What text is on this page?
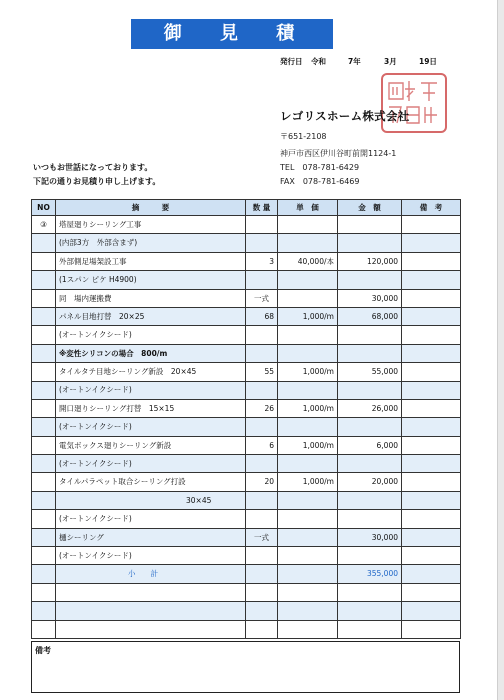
御 見 積 書	発行日 令和	7年	3月	19日
レゴリスホーム株式会社
〒651-2108
神戸市西区伊川谷町前開1124-1
TEL　078-781-6429
FAX　078-781-6469
いつもお世話になっております。
下記の通りお見積り申し上げます。
NO	摘　　　要	数 量	単　価	金　額	備　考
③	塔屋廻りシーリング工事				
	(内部3方　外部含まず)				
	外部側足場架設工事	3	40,000/本	120,000	
	(1スパン ピケ H4900)				
	同　場内運搬費	一式		30,000	
	パネル目地打替　20×25	68	1,000/m	68,000	
	(オートンイクシード)				
	※変性シリコンの場合　800/m				
	タイルタテ目地シーリング新設　20×45	55	1,000/m	55,000	
	(オートンイクシード)				
	開口廻りシーリング打替　15×15	26	1,000/m	26,000	
	(オートンイクシード)				
	電気ボックス廻りシーリング新設	6	1,000/m	6,000	
	(オートンイクシード)				
	タイルパラペット取合シーリング打設	20	1,000/m	20,000	
	30×45				
	(オートンイクシード)				
	樋シーリング	一式		30,000	
	(オートンイクシード)				
	小　　計			355,000	

備考
